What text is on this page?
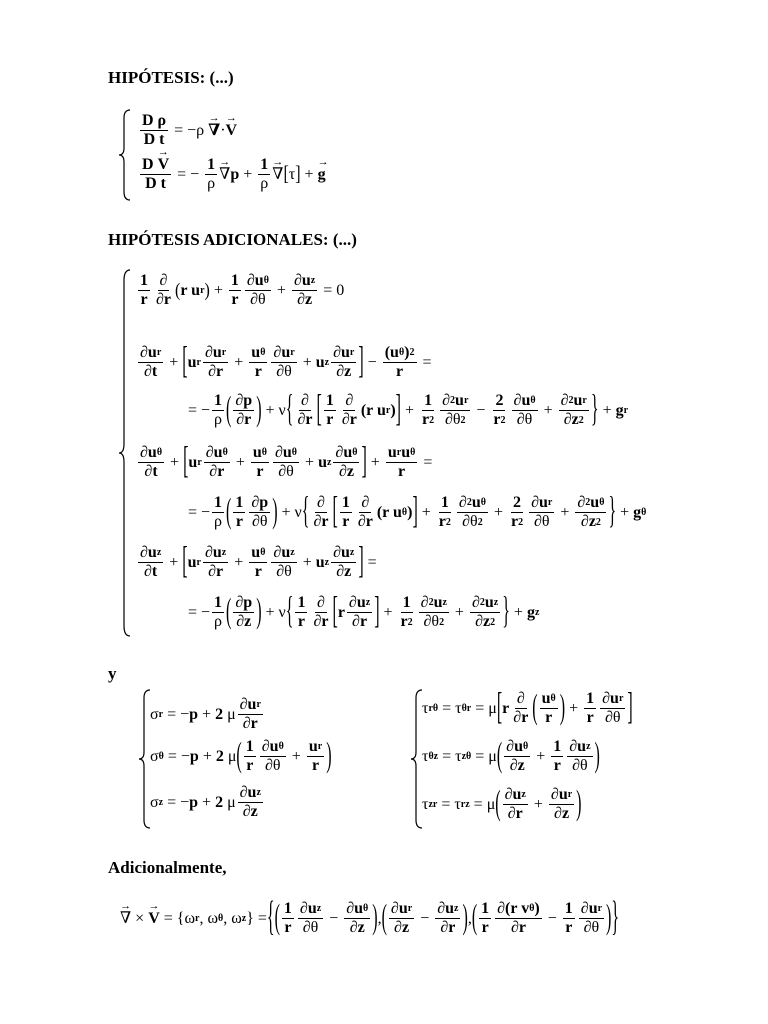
HIPÓTESIS: (...)
$\frac{\text{D ρ}}{\text{D t}} = -\rho$
→ ∇ ·
→ V
D
→ V
D t = − $\frac{1}{\rho}$
→ ∇ $p + \frac{1}{\rho}$
→ ∇ [ τ ] +
→ g
HIPÓTESIS ADICIONALES: (...)
$\frac{1}{r} \frac{\partial}{\partial r}$ ( r u r ) + $\frac{1}{r} \frac{\text{∂ u θ}}{\partial\theta} + \frac{\text{∂ u z}}{\partial z} = 0$
$\frac{\text{∂ u r}}{\partial t}$ + [ u r $\frac{\text{∂ u r}}{\partial r} + \frac{\text{u θ}}{r} \frac{\text{∂ u r}}{\partial\theta} + u$ z $\frac{\text{∂ u r}}{\partial z}$ ] − $\frac{\text{(u θ ) 2}}{r}$ =
= − $\frac{1}{\rho}$ ( $\frac{\partial p}{\partial r}$ ) + ν { $\frac{\partial}{\partial r}$ [ $\frac{1}{r} \frac{\partial}{\partial r} (r$ u r ) ] + $\frac{1}{r 2} \frac{\text{∂ 2 u r}}{\partial\theta 2} - \frac{2}{r 2} \frac{\text{∂ u θ}}{\partial\theta} + \frac{\text{∂ 2 u r}}{\partial z 2}$ } + g r
$\frac{\text{∂ u θ}}{\partial t}$ + [ u r $\frac{\text{∂ u θ}}{\partial r} + \frac{\text{u θ}}{r} \frac{\text{∂ u θ}}{\partial\theta} + u$ z $\frac{\text{∂ u θ}}{\partial z}$ ] + $\frac{\text{u r u θ}}{r}$ =
= − $\frac{1}{\rho}$ ( $\frac{1}{r} \frac{\partial p}{\partial\theta}$ ) + ν { $\frac{\partial}{\partial r}$ [ $\frac{1}{r} \frac{\partial}{\partial r} (r$ u θ ) ] + $\frac{1}{r 2} \frac{\text{∂ 2 u θ}}{\partial\theta 2} + \frac{2}{r 2} \frac{\text{∂ u r}}{\partial\theta} + \frac{\text{∂ 2 u θ}}{\partial z 2}$ } + g θ
$\frac{\text{∂ u z}}{\partial t}$ + [ u r $\frac{\text{∂ u z}}{\partial r} + \frac{\text{u θ}}{r} \frac{\text{∂ u z}}{\partial\theta} + u$ z $\frac{\text{∂ u z}}{\partial z}$ ] =
= − $\frac{1}{\rho}$ ( $\frac{\partial p}{\partial z}$ ) + ν { $\frac{1}{r} \frac{\partial}{\partial r}$ [ r $\frac{\text{∂ u z}}{\partial r}$ ] + $\frac{1}{r 2} \frac{\text{∂ 2 u z}}{\partial\theta 2} + \frac{\text{∂ 2 u z}}{\partial z 2}$ } + g z
y
σ r = − p + 2 μ $\frac{\text{∂ u r}}{\partial r}$
σ θ = − p + 2 μ ( $\frac{1}{r} \frac{\text{∂ u θ}}{\partial\theta} + \frac{\text{u r}}{r}$ )
σ z = − p + 2 μ $\frac{\text{∂ u z}}{\partial z}$
τ rθ = τ θr = μ [ r $\frac{\partial}{\partial r}$ ( $\frac{\text{u θ}}{r}$ ) + $\frac{1}{r} \frac{\text{∂ u r}}{\partial\theta}$ ]
τ θz = τ zθ = μ ( $\frac{\text{∂ u θ}}{\partial z} + \frac{1}{r} \frac{\text{∂ u z}}{\partial\theta}$ )
τ zr = τ rz = μ ( $\frac{\text{∂ u z}}{\partial r} + \frac{\text{∂ u r}}{\partial z}$ )
Adicionalmente,
→ ∇ ×
→ V = {ω r , ω θ , ω z } = { ( $\frac{1}{r} \frac{\text{∂ u z}}{\partial\theta} - \frac{\text{∂ u θ}}{\partial z}$ ) , ( $\frac{\text{∂ u r}}{\partial z} - \frac{\text{∂ u z}}{\partial r}$ ) , ( $\frac{1}{r} \frac{\text{∂ (r v θ )}}{\partial r} - \frac{1}{r} \frac{\text{∂ u r}}{\partial\theta}$ ) }
